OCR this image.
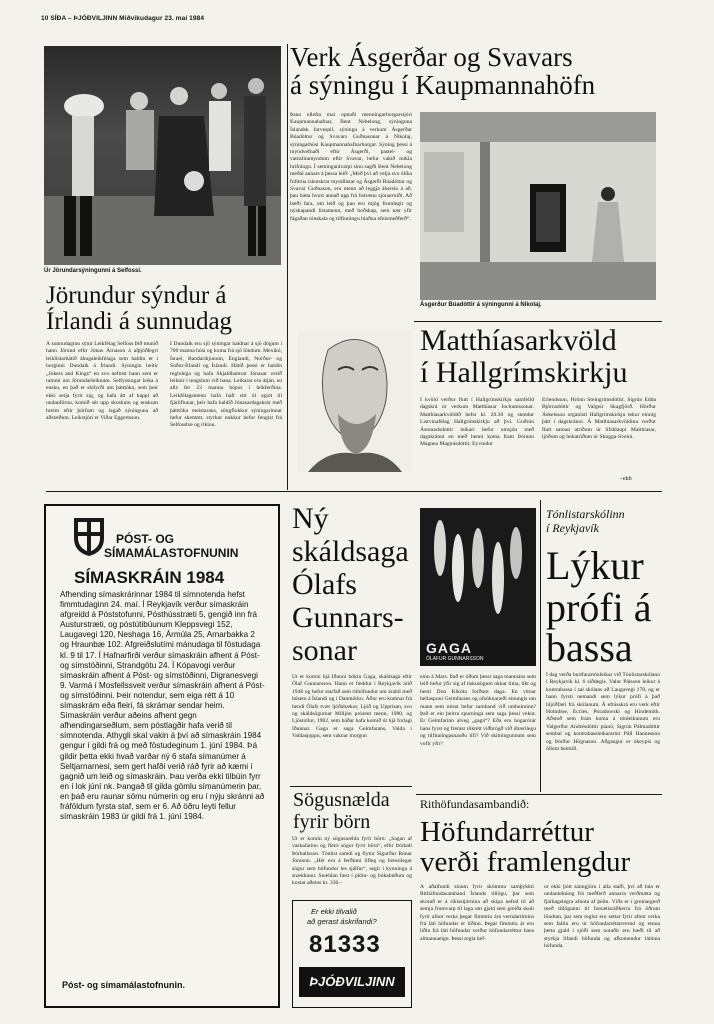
10 SÍÐA – ÞJÓÐVILJINN Miðvikudagur 23. maí 1984
Úr Jörundarsýningunni á Selfossi.
Jörundur sýndur á
Írlandi á sunnudag
Á sunnudaginn sýnir Leikfélag Selfoss Þið munið hann Jörund eftir Jónas Árnason á alþjóðlegri leiklistarhátíð áhugaleikfélaga sem haldin er í borginni Dundalk á Írlandi. Syningin heitir „Jokers and Kings“ en svo nefnist hann sem er rammi um Jörundarleiknum. Selfyssingar leika á ensku, en það er skilyrði um þátttöku, sem þeir ekki setja fyrir sig, og hafa átt af kappi að undanförnu, komið sér upp skoskum og enskum hreim eftir þörfum og lagað sýninguna að aðstæðum. Leikstjóri er Viðar Eggertsson.
Í Dundalk eru sjö sýningar haldnar á sjö dögum í 700 manna húsi og koma frá sjö löndum. Mexíkó, Ísrael, Bandaríkjunum, Englandi, Norður- og Suður-Írlandi og Íslandi. Hátíð þessi er haldin reglulega og hafa Skjaldhamrar Jónasar verið leiknir í tengslum við hana. Leikarar eru átján, en alls fer 23 manna hópur í leikferðina. Leikfélagsmenn hafa haft sitt úl spjót til fjáröflunar, þeir hafa haldið Jónasardagskrár með þátttöku meistarans, söngflokkur sýningarinnar hefur skemmt, styrkur nokkur hefur fengist frá Selfossbæ og ríkinu.
Verk Ásgerðar og Svavars
á sýningu í Kaupmannahöfn
Þann ellefta maí opnaði menningarborgarstjóri Kaupmannahafnar, Bent Nebelong, sýninguna Íslandsk farvespil, sýningu á verkum Ásgerðar Búadóttur og Svavars Guðnasonar á Nikolaj, sýningarhúsi Kaupmannahafnarborgar. Sýning þessi á myndvefnaði eftir Ásgerði, pastel- og vatnslitamyndum eftir Svavar, hefur vakið mikla hrifningu. Í setningarávarpi sínu sagði Bent Nebelong meðal annars á þessa leið: „Með því að velja svo ólíka fulltrúa íslenskrar myndlistar og Ásgerði Búadóttur og Svavar Guðnason, eru menn að leggja áherslu á að, þau bæta hvort annað upp frá listrænu sjónarmiði. Að bæði fara, um leið og þau eru mjög frumlegir og nýskapandi listamenn, með boðskap, sem nær yfir fágaðan tónskala og tilfinningu hlaðna efnismeðferð“.
Ásgerður Búadóttir á sýningunni á Nikolaj.
Matthíasarkvöld
í Hallgrímskirkju
Í kvöld verður flutt í Hallgrímskirkju samfelld dagskrá úr verkum Matthíasar Jochumssonar. Matthíasarkvöldið hefst kl. 20.30 og stendur Listvinafélag Hallgrímskirkju að því. Guðrún Ásmundsdóttir leikari hefur umsjón með dagskránni en með henni koma fram Þórunn Magnea Magnúsdóttir, Eyvindur
Erlendsson, Hrönn Steingrímsdóttir, Sigrún Edda Björnsdóttir og Valgeir Skagfjörð. Hörður Áskelsson organisti Hallgrímskirkju tekur einnig þátt í dagskránni. Á Matthíasarkvöldinu verður flutt saman atriðum úr lífshlaupi Matthíasar, ljóðum og leikatriðum úr Skugga-Sveini.
–ekh
PÓST- OG
SÍMAMÁLASTOFNUNIN
SÍMASKRÁIN 1984
Afhending símaskrárinnar 1984 til símnotenda hefst fimmtudaginn 24. maí. Í Reykjavík verður símaskráin afgreidd á Póststofunni, Pósthússtræti 5, gengið inn frá Austurstræti, og póstútibúunum Kleppsvegi 152, Laugavegi 120, Neshaga 16, Ármúla 25, Arnarbakka 2 og Hraunbæ 102. Afgreiðslutími mánudaga til föstudaga kl. 9 til 17. Í Hafnarfirði verður símaskráin afhent á Póst- og símstöðinni, Strandgötu 24. Í Kópavogi verður símaskráin afhent á Póst- og símstöðinni, Digranesvegi 9. Varmá í Mosfellssveit verður símaskráin afhent á Póst- og símstöðinni. Þeir notendur, sem eiga rétt á 10 símaskrám eða fleiri, fá skrárnar sendar heim. Símaskráin verður aðeins afhent gegn afhendingarseðlum, sem póstlagðir hafa verið til símnotenda. Athygli skal vakin á því að símaskráin 1984 gengur í gildi frá og með föstudeginum 1. júní 1984. Þá gildir þetta ekki hvað varðar ný 6 stafa símanúmer á Seltjarnarnesi, sem gert hafði verið ráð fyrir að kæmi í gagnið um leið og símaskráin. Þau verða ekki tilbúin fyrr en í lok júní nk. Þangað til gilda gömlu símanúmerin þar, en það eru raunar sömu númerin og eru í nýju skránni að fráföldum fyrsta staf, sem er 6. Að öðru leyti fellur símaskráin 1983 úr gildi frá 1. júní 1984.
Póst- og símamálastofnunin.
Ný
skáldsaga
Ólafs
Gunnars-
sonar	GAGA
ÓLAFUR GUNNARSSON
Út er komin hjá Iðunni bókin Gaga, skáldsaga eftir Ólaf Gunnarsson. Hann er fæddur í Reykjavík árið 1948 og hefur starfað sem rithöfundur um árabil með búsetu á Íslandi og í Danmörku. Áður eru komnar frá hendi Ólafs tvær ljóðabækur, Ljóð og Upprisan, svo og skáldsögurnar Milljón prósent menn, 1980, og Ljóstollur, 1982, sem báðar hafa komið út hjá forlagi Iðunnar. Gaga er saga Geimfarans, Valda í Valdasjoppu, sem vaknar morgun
einn á Mars. Það er óðum þessi saga mannsins sem leið hefur ýfir sig af tiskusögum okkar tíma, líkt og henti Don Kíkóta forðum daga. En vitnar heilaspuni Geimfarans og ofsóknaræði einungis um mann sem misst hefur samband við umheiminn? Það er ein þeirra spurninga sem saga þessi vekur. Er Geimfarinn alveg „gaga“? Eða eru hugarórar hans fyrst og fremst rökrétt viðbrögð við óbærilegu og tilfinningasnauðu lífi? Við skilningunnum sem vofir yfir?
Sögusnælda
fyrir börn
Út er komin ný sögusnælda fyrir börn: „Sagan af vaskafatinu og fleiri sögur fyrir börn“, eftir Þórhall Þórhallsson. Tónlist samdi og flytur Sigurður Rúnar Jónsson. „Hér eru á ferðinni lífleg og bressilegar sögur sem höfundur les sjálfur“, segir í kynningu á snældunni. Snældan fæst í plötu- og bókabúðum og kostar aðeins kr. 330.–
Er ekki tilvalið
að gerast áskrifandi?
81333
ÞJÓÐVILJINN
Tónlistarskólinn
í Reykjavík
Lýkur
prófi á
bassa
Í dag verða burtfarartónleikar við Tónlistarskólann í Reykjavík kl. 6 síðdegis. Valur Pálsson leikur á kontrabassa í sal skólans að Laugavegi 178, og er hann fyrsti nemandi sem lýkur prófi á það hljóðfæri frá skólanum. Á efnisskrá eru verk eftir Holmboe, Eccles, Poradowski og Hindemith. Aðstoð sem fram koma á tónleikunum eru Valgerður Andrésdóttir píanó, Sigrún Pálmadóttir sembal og kontrabassleikararnir Páll Hannesson og Þórður Högnason. Aðgangur er ókeypis og öllum heimill.
Rithöfundasambandið:
Höfundarréttur
verði framlengdur
Á aðalfundi sínum fyrir skömmu samþykkti Rithöfundasamband Íslands tillögu, þar sem skorað er á ríkisstjórnina að skipa nefnd til að semja frumvarp til laga um gjald sem greiða skuli fyrir afnot verka þegar fimmtíu ára verndartímins frá láti höfundar er liðinn. Þegar fimmtíu ár eru liðin frá láti höfundar verður höfundarréttur hans almannaeign. Þessi regla hef-
ur ekki þótt sanngjörn í alla staði, því að hún er undantekning frá meðferð annarra verðmæta og fjárhagslegra afnota af þeim. Víða er í greinargerð með tillögunni til forsætisráðherra frá öðrum löndum, þar sem reglur eru settar fyrir afnot verka sem fallin eru úr höfundarréttarvernd og renna þetta gjald í sjóði sem notaðir eru bæði til að styrkja lifandi höfunda og afkomendur látinna höfunda.
